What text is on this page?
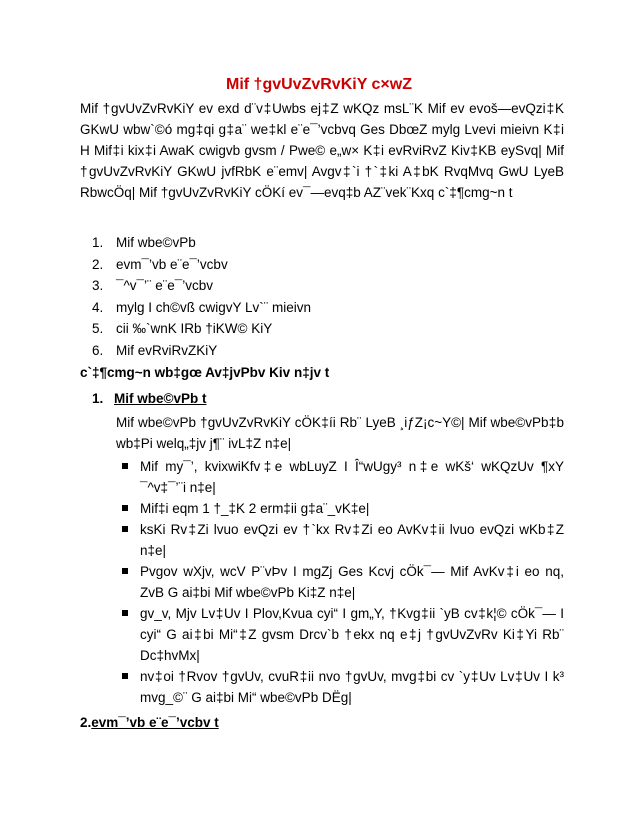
Mif †gvUvZvRvKiY c×wZ
Mif †gvUvZvRvKiY ev exd d¨v‡Uwbs ej‡Z wKQz msL¨K Mif ev evoš—evQzi‡K GKwU wbw`©ó mg‡qi g‡a¨ we‡kl e¨e¯’vcbvq Ges DbœZ mylg Lvevi mieivn K‡i H Mif‡i kix‡i AwaK cwigvb gvsm / Pwe© e„w× K‡i evRviRvZ Kiv‡KB eySvq| Mif †gvUvZvRvKiY GKwU jvfRbK e¨emv| Avgv‡`i †`‡ki A‡bK RvqMvq GwU LyeB RbwcÖq| Mif †gvUvZvRvKiY cÖKí ev¯—evq‡b AZ¨vek¨Kxq c`‡¶cmg~n t
1. Mif wbe©vPb
2. evm¯’vb e¨e¯’vcbv
3. ¯^v¯’¨ e¨e¯’vcbv
4. mylg I ch©vß cwigvY Lv`¨ mieivn
5. cii ‰`wnK IRb †iKW© KiY
6. Mif evRviRvZKiY
c`‡¶cmg~n wb‡gœ Av‡jvPbv Kiv n‡jv t
1. Mif wbe©vPb t
Mif wbe©vPb †gvUvZvRvKiY cÖK‡íi Rb¨ LyeB ¸iƒZ¡c~Y©| Mif wbe©vPb‡b wb‡Pi welq„‡jv j¶¨ ivL‡Z n‡e|
Mif my¯’, kvixwiKfv‡e wbLuyZ I Î“wUgy³ n‡e wKš‘ wKQzUv ¶xY ¯^v‡¯’¨i n‡e|
Mif‡i eqm 1 †_‡K 2 erm‡ii g‡a¨_vK‡e|
ksKi Rv‡Zi lvuo evQzi ev †`kx Rv‡Zi eo AvKv‡ii lvuo evQzi wKb‡Z n‡e|
Pvgov wXjv, wcV P¨vÞv I mgZj Ges Kcvj cÖk¯— Mif AvKv‡i eo nq, ZvB G ai‡bi Mif wbe©vPb Ki‡Z n‡e|
gv_v, Mjv Lv‡Uv I Plov,Kvua cyi“ I gm„Y, †Kvg‡ii `yB cv‡k¦© cÖk¯— I cyi“ G ai‡bi Mi“‡Z gvsm Drcv`b †ekx nq e‡j †gvUvZvRv Ki‡Yi Rb¨ Dc‡hvMx|
nv‡oi †Rvov †gvUv, cvuR‡ii nvo †gvUv, mvg‡bi cv `y‡Uv Lv‡Uv I k³ mvg_©¨ G ai‡bi Mi“ wbe©vPb DËg|
2.evm¯’vb e¨e¯’vcbv t
